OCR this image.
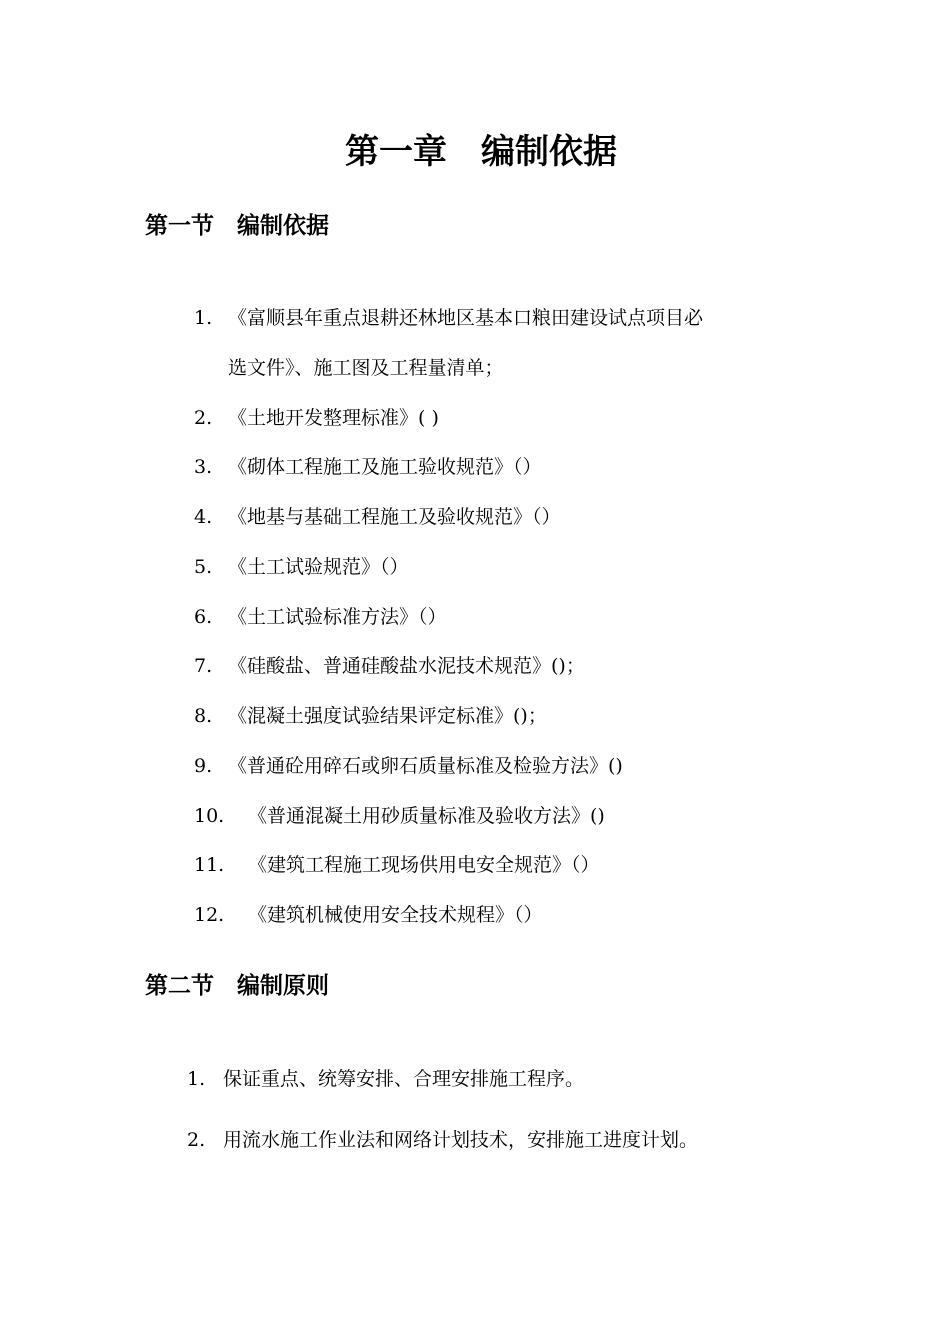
第一章　编制依据
第一节　编制依据
1. 《富顺县年重点退耕还林地区基本口粮田建设试点项目必
2. 《土地开发整理标准》( )
3. 《砌体工程施工及施工验收规范》（）
4. 《地基与基础工程施工及验收规范》（）
5. 《土工试验规范》（）
6. 《土工试验标准方法》（）
7. 《硅酸盐、普通硅酸盐水泥技术规范》()；
8. 《混凝土强度试验结果评定标准》()；
9. 《普通砼用碎石或卵石质量标准及检验方法》()
10. 《普通混凝土用砂质量标准及验收方法》()
11. 《建筑工程施工现场供用电安全规范》（）
12. 《建筑机械使用安全技术规程》（）
选文件》、施工图及工程量清单；
第二节　编制原则
1. 保证重点、统筹安排、合理安排施工程序。
2. 用流水施工作业法和网络计划技术，安排施工进度计划。
